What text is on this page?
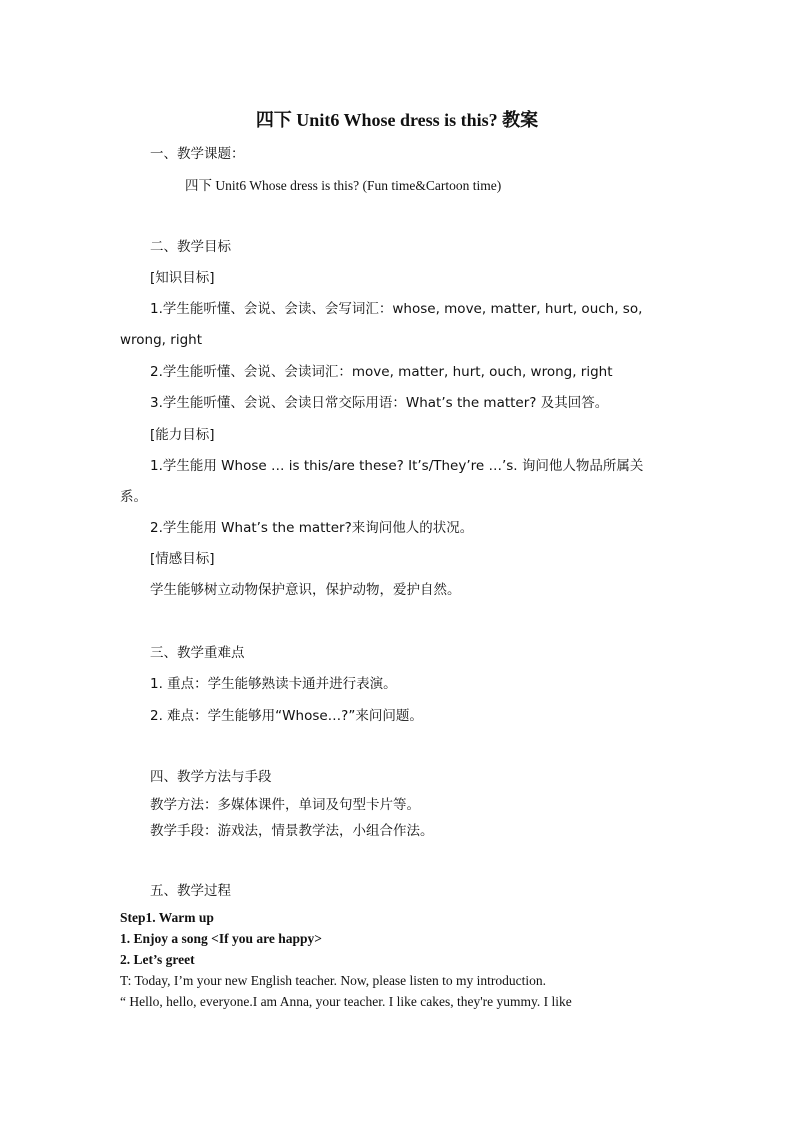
四下 Unit6 Whose dress is this? 教案
一、教学课题：
四下 Unit6 Whose dress is this? (Fun time&Cartoon time)
二、教学目标
[知识目标]
1.学生能听懂、会说、会读、会写词汇：whose, move, matter, hurt, ouch, so,
wrong, right
2.学生能听懂、会说、会读词汇：move, matter, hurt, ouch, wrong, right
3.学生能听懂、会说、会读日常交际用语：What’s the matter? 及其回答。
[能力目标]
1.学生能用 Whose … is this/are these? It’s/They’re …’s. 询问他人物品所属关
系。
2.学生能用 What’s the matter?来询问他人的状况。
[情感目标]
学生能够树立动物保护意识，保护动物，爱护自然。
三、教学重难点
1. 重点：学生能够熟读卡通并进行表演。
2. 难点：学生能够用“Whose…?”来问问题。
四、教学方法与手段
教学方法：多媒体课件，单词及句型卡片等。
教学手段：游戏法，情景教学法，小组合作法。
五、教学过程
Step1. Warm up
1. Enjoy a song <If you are happy>
2. Let’s greet
T: Today, I’m your new English teacher. Now, please listen to my introduction.
“ Hello, hello, everyone.I am Anna, your teacher. I like cakes, they're yummy. I like
